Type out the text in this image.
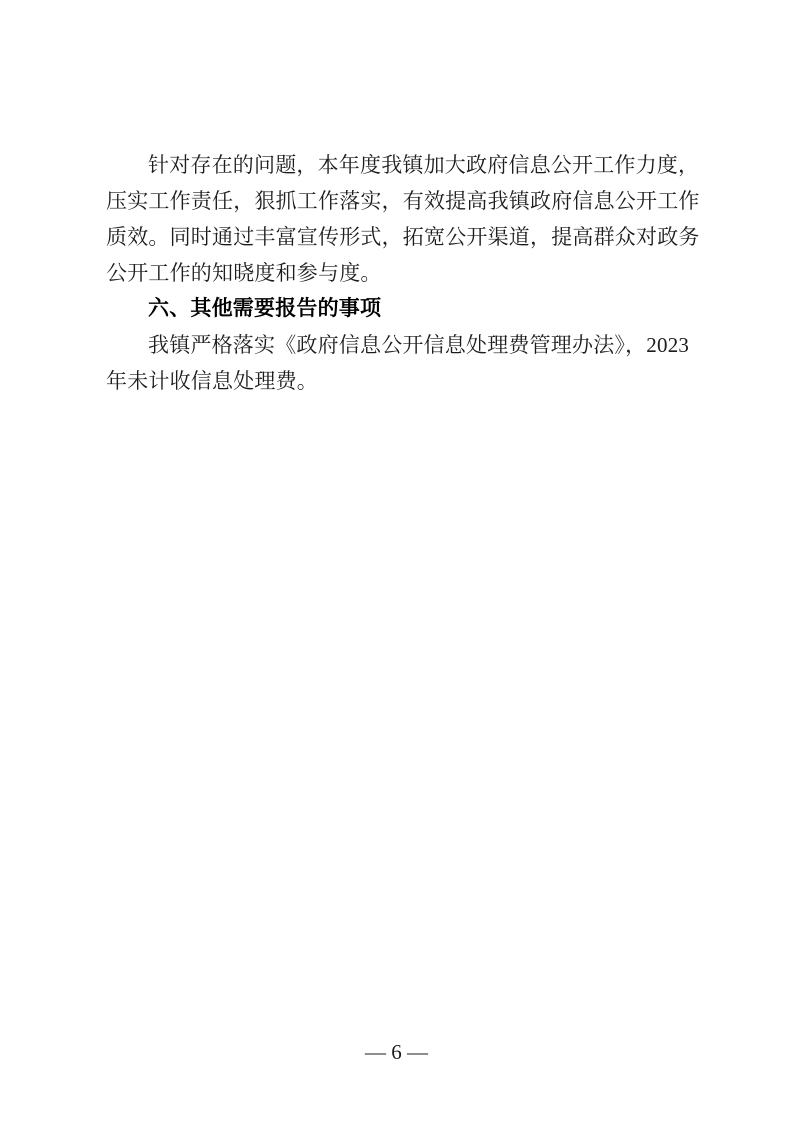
针对存在的问题，本年度我镇加大政府信息公开工作力度，
压实工作责任，狠抓工作落实，有效提高我镇政府信息公开工作
质效。同时通过丰富宣传形式，拓宽公开渠道，提高群众对政务
公开工作的知晓度和参与度。
六、其他需要报告的事项
我镇严格落实《政府信息公开信息处理费管理办法》，2023
年未计收信息处理费。
— 6 —
